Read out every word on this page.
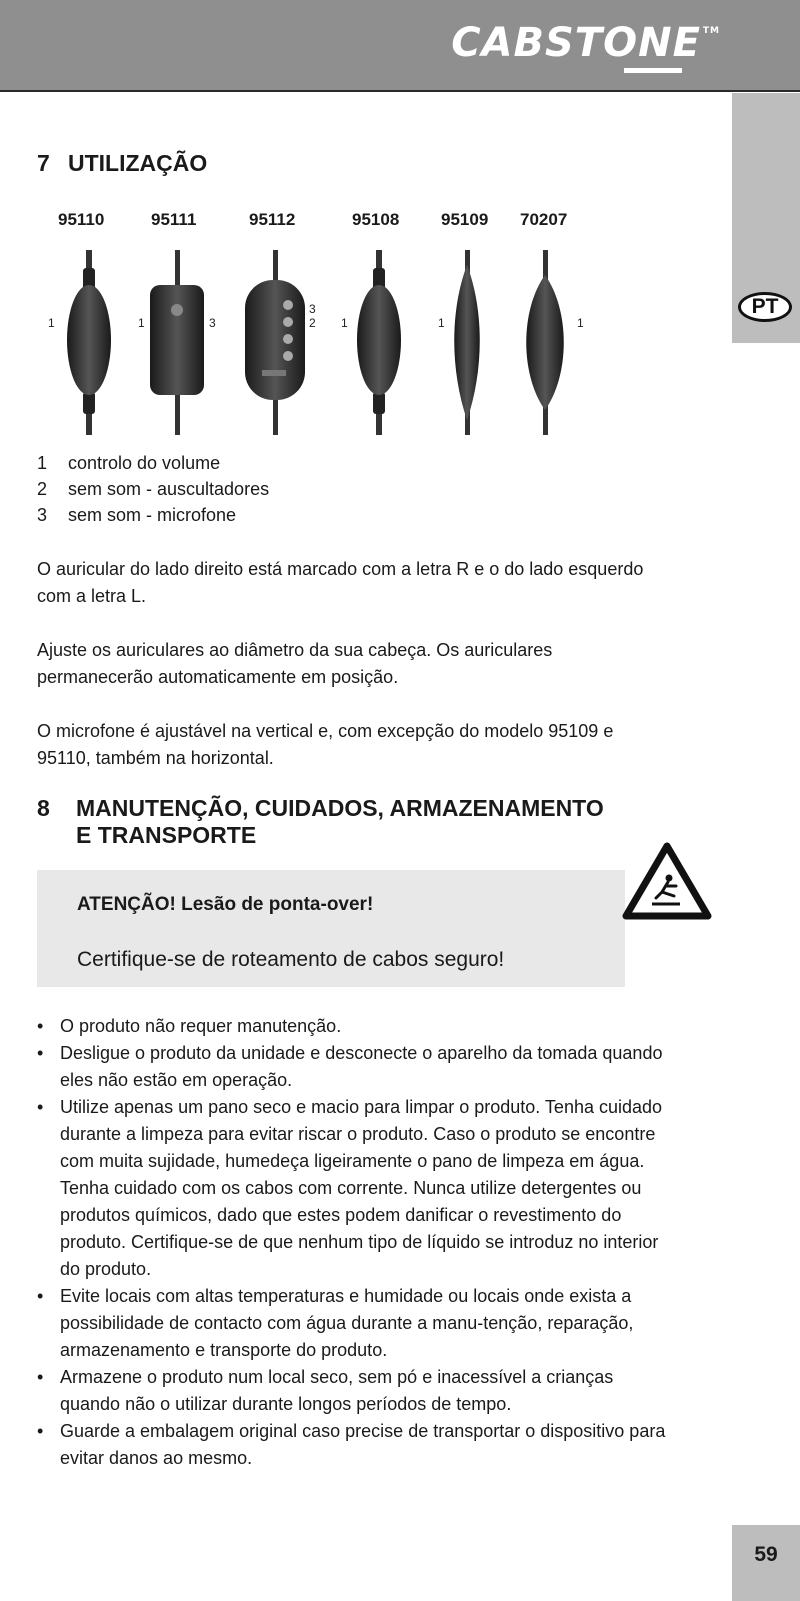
CABSTONE ™
PT
7 UTILIZAÇÃO
95110	95111	95112	95108 95109 70207
1	1	3
3
2 1	1	1
1 controlo do volume
2 sem som - auscultadores
3 sem som - microfone

O auricular do lado direito está marcado com a letra R e o do lado esquerdo com a letra L.

Ajuste os auriculares ao diâmetro da sua cabeça. Os auriculares permanecerão automaticamente em posição.

O microfone é ajustável na vertical e, com excepção do modelo 95109 e 95110, também na horizontal.

8	MANUTENÇÃO, CUIDADOS, ARMAZENAMENTO
E TRANSPORTE
ATENÇÃO! Lesão de ponta-over!
Certifique-se de roteamento de cabos seguro!
• O produto não requer manutenção.
• Desligue o produto da unidade e desconecte o aparelho da tomada quando eles não estão em operação.
• Utilize apenas um pano seco e macio para limpar o produto. Tenha cuidado durante a limpeza para evitar riscar o produto. Caso o produto se encontre com muita sujidade, humedeça ligeiramente o pano de limpeza em água. Tenha cuidado com os cabos com corrente. Nunca utilize detergentes ou produtos químicos, dado que estes podem danificar o revestimento do produto. Certifique-se de que nenhum tipo de líquido se introduz no interior do produto.
• Evite locais com altas temperaturas e humidade ou locais onde exista a possibilidade de contacto com água durante a manu-tenção, reparação, armazenamento e transporte do produto.
• Armazene o produto num local seco, sem pó e inacessível a crianças quando não o utilizar durante longos períodos de tempo.
• Guarde a embalagem original caso precise de transportar o dispositivo para evitar danos ao mesmo.
59
